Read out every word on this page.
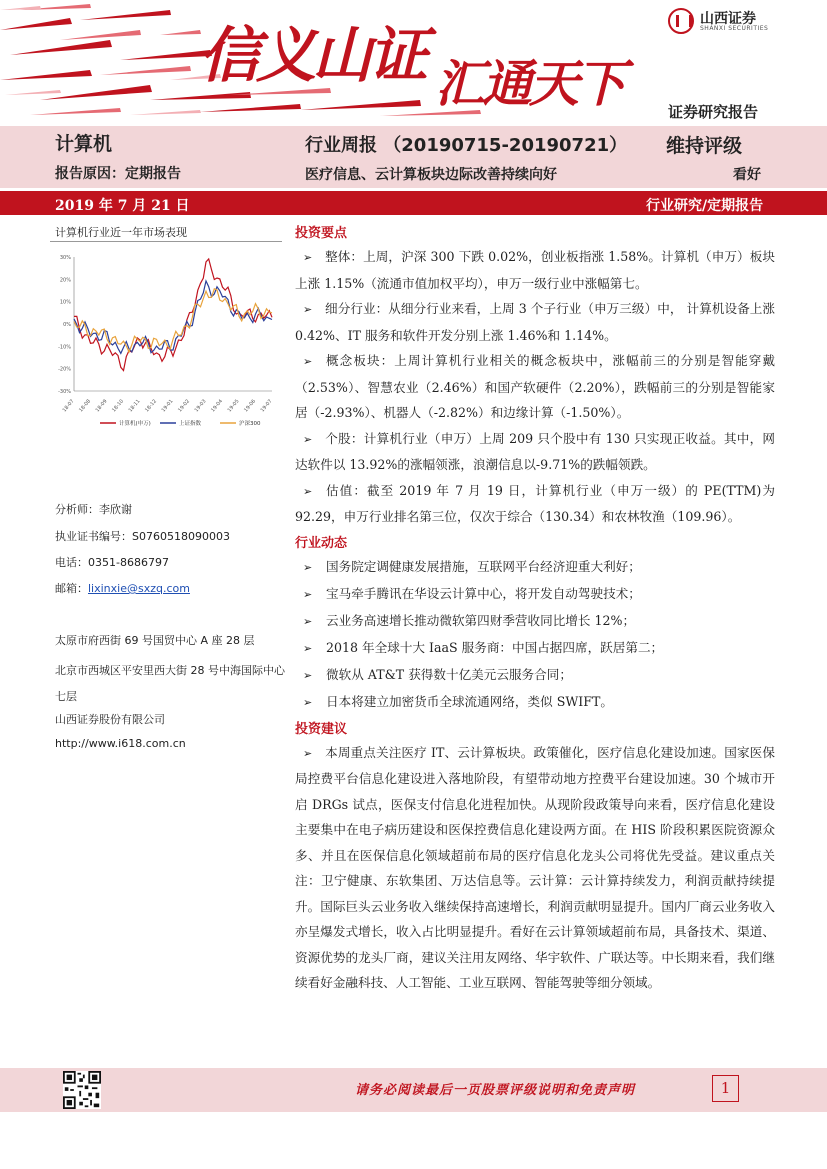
信义山证 汇通天下
山西证券
SHANXI SECURITIES
证券研究报告
计算机	行业周报 （20190715-20190721） 维持评级
报告原因：定期报告	医疗信息、云计算板块边际改善持续向好	看好
2019 年 7 月 21 日	行业研究/定期报告
计算机行业近一年市场表现
30%
20%
10%
0%
-10%
-20%
-30%
18-07 18-08 18-09 18-10 18-11 18-12 19-01 19-02 19-03 19-04 19-05 19-06 19-07
计算机(申万)	上证指数	沪深300
分析师：李欣谢
执业证书编号：S0760518090003
电话：0351-8686797
邮箱：lixinxie@sxzq.com
太原市府西街 69 号国贸中心 A 座 28 层
北京市西城区平安里西大街 28 号中海国际中心七层
山西证券股份有限公司
http://www.i618.com.cn
投资要点

➢ 整体：上周，沪深 300 下跌 0.02%，创业板指涨 1.58%。计算机（申万）板块上涨 1.15%（流通市值加权平均），申万一级行业中涨幅第七。

➢ 细分行业：从细分行业来看，上周 3 个子行业（申万三级）中， 计算机设备上涨 0.42%、IT 服务和软件开发分别上涨 1.46%和 1.14%。

➢ 概念板块：上周计算机行业相关的概念板块中，涨幅前三的分别是智能穿戴（2.53%）、智慧农业（2.46%）和国产软硬件（2.20%），跌幅前三的分别是智能家居（-2.93%）、机器人（-2.82%）和边缘计算（-1.50%）。

➢ 个股：计算机行业（申万）上周 209 只个股中有 130 只实现正收益。其中，网达软件以 13.92%的涨幅领涨，浪潮信息以-9.71%的跌幅领跌。

➢ 估值：截至 2019 年 7 月 19 日，计算机行业（申万一级）的 PE(TTM)为 92.29，申万行业排名第三位，仅次于综合（130.34）和农林牧渔（109.96）。

行业动态
➢ 国务院定调健康发展措施，互联网平台经济迎重大利好；
➢ 宝马牵手腾讯在华设云计算中心，将开发自动驾驶技术；
➢ 云业务高速增长推动微软第四财季营收同比增长 12%；
➢ 2018 年全球十大 IaaS 服务商：中国占据四席，跃居第二；
➢ 微软从 AT&T 获得数十亿美元云服务合同；
➢ 日本将建立加密货币全球流通网络，类似 SWIFT。
投资建议

➢ 本周重点关注医疗 IT、云计算板块。政策催化，医疗信息化建设加速。国家医保局控费平台信息化建设进入落地阶段，有望带动地方控费平台建设加速。30 个城市开启 DRGs 试点，医保支付信息化进程加快。从现阶段政策导向来看，医疗信息化建设主要集中在电子病历建设和医保控费信息化建设两方面。在 HIS 阶段积累医院资源众多、并且在医保信息化领域超前布局的医疗信息化龙头公司将优先受益。建议重点关注：卫宁健康、东软集团、万达信息等。云计算：云计算持续发力，利润贡献持续提升。国际巨头云业务收入继续保持高速增长，利润贡献明显提升。国内厂商云业务收入亦呈爆发式增长，收入占比明显提升。看好在云计算领域超前布局，具备技术、渠道、资源优势的龙头厂商，建议关注用友网络、华宇软件、广联达等。中长期来看，我们继续看好金融科技、人工智能、工业互联网、智能驾驶等细分领域。

请务必阅读最后一页股票评级说明和免责声明	1
